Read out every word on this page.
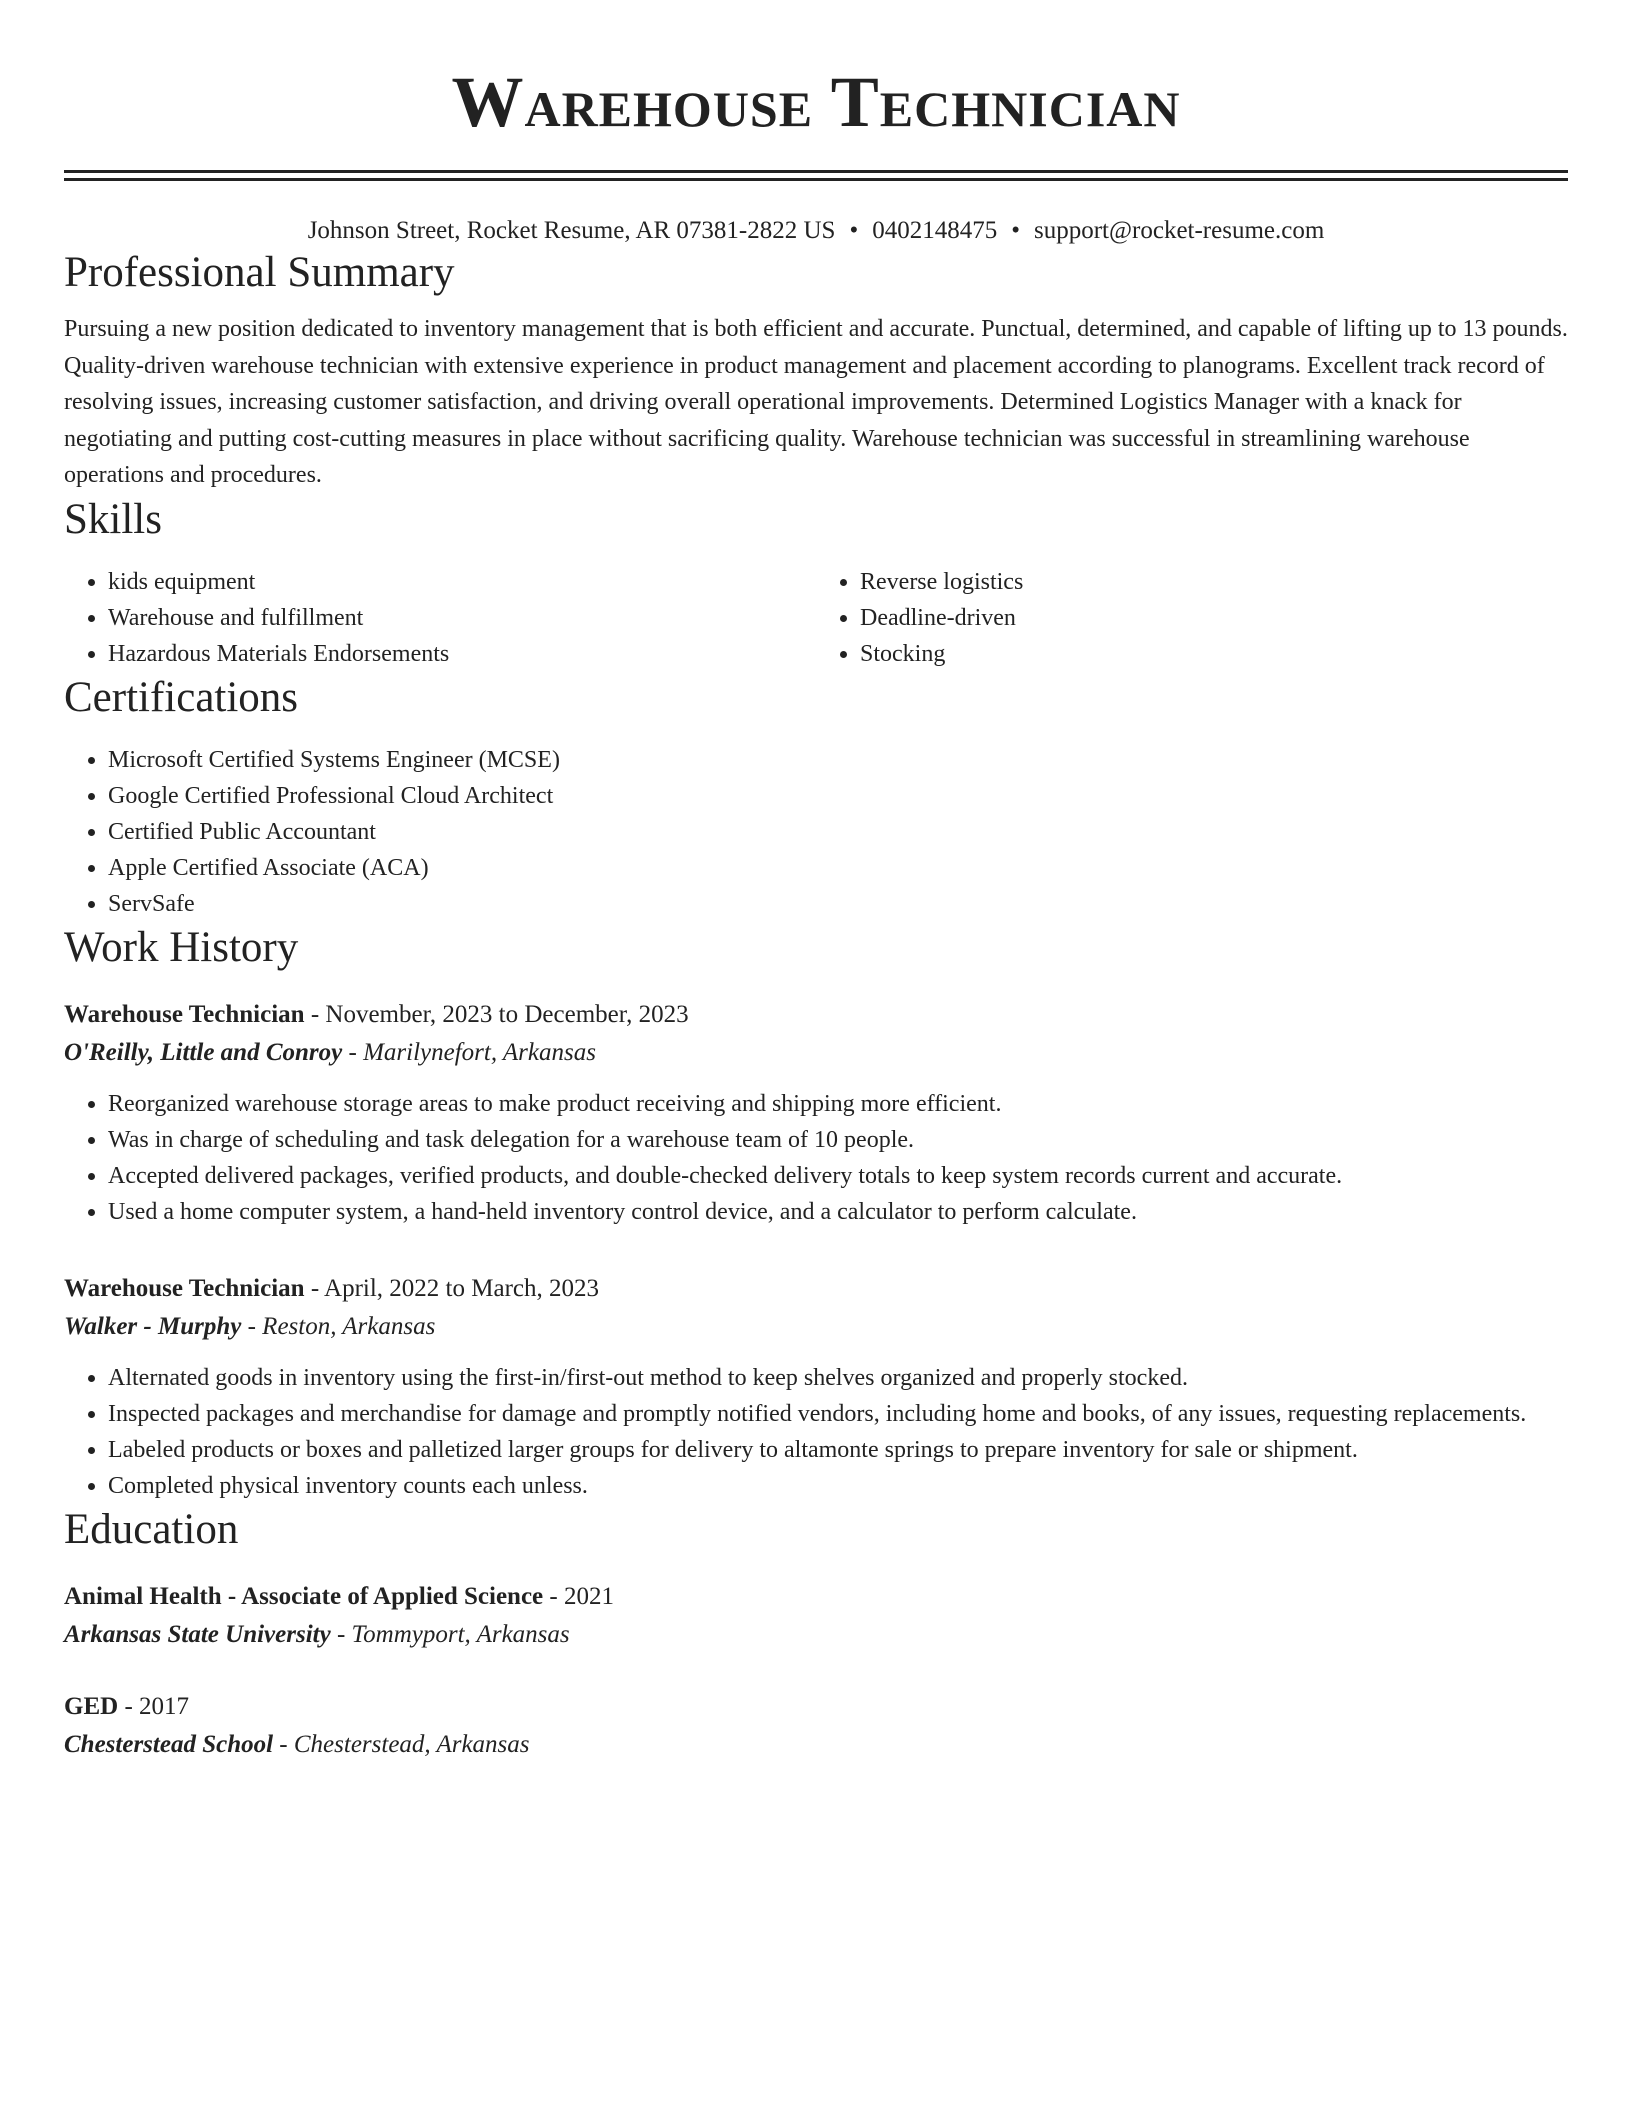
Warehouse Technician
Johnson Street, Rocket Resume, AR 07381-2822 US • 0402148475 • support@rocket-resume.com
Professional Summary

Pursuing a new position dedicated to inventory management that is both efficient and accurate. Punctual, determined, and capable of lifting up to 13 pounds. Quality-driven warehouse technician with extensive experience in product management and placement according to planograms. Excellent track record of resolving issues, increasing customer satisfaction, and driving overall operational improvements. Determined Logistics Manager with a knack for negotiating and putting cost-cutting measures in place without sacrificing quality. Warehouse technician was successful in streamlining warehouse operations and procedures.

Skills
• kids equipment
• Warehouse and fulfillment
• Hazardous Materials Endorsements
• Reverse logistics
• Deadline-driven
• Stocking
Certifications
• Microsoft Certified Systems Engineer (MCSE)
• Google Certified Professional Cloud Architect
• Certified Public Accountant
• Apple Certified Associate (ACA)
• ServSafe
Work History
Warehouse Technician - November, 2023 to December, 2023
O'Reilly, Little and Conroy - Marilynefort, Arkansas
• Reorganized warehouse storage areas to make product receiving and shipping more efficient.
• Was in charge of scheduling and task delegation for a warehouse team of 10 people.
• Accepted delivered packages, verified products, and double-checked delivery totals to keep system records current and accurate.
• Used a home computer system, a hand-held inventory control device, and a calculator to perform calculate.
Warehouse Technician - April, 2022 to March, 2023
Walker - Murphy - Reston, Arkansas
• Alternated goods in inventory using the first-in/first-out method to keep shelves organized and properly stocked.
• Inspected packages and merchandise for damage and promptly notified vendors, including home and books, of any issues, requesting replacements.
• Labeled products or boxes and palletized larger groups for delivery to altamonte springs to prepare inventory for sale or shipment.
• Completed physical inventory counts each unless.
Education
Animal Health - Associate of Applied Science - 2021
Arkansas State University - Tommyport, Arkansas
GED - 2017
Chesterstead School - Chesterstead, Arkansas
